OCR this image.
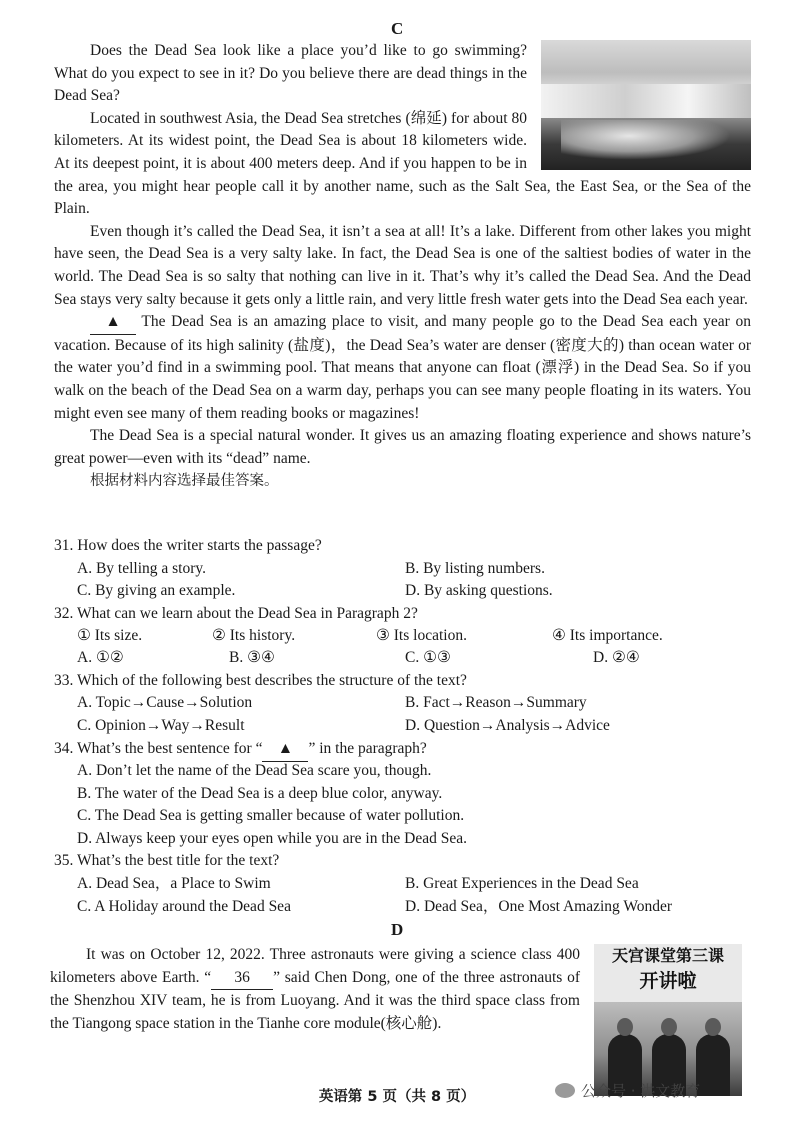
C
Does the Dead Sea look like a place you’d like to go swimming? What do you expect to see in it? Do you believe there are dead things in the Dead Sea?
Located in southwest Asia, the Dead Sea stretches (绵延) for about 80 kilometers. At its widest point, the Dead Sea is about 18 kilometers wide. At its deepest point, it is about 400 meters deep. And if you happen to be in the area, you might hear people call it by another name, such as the Salt Sea, the East Sea, or the Sea of the Plain.
Even though it’s called the Dead Sea, it isn’t a sea at all! It’s a lake. Different from other lakes you might have seen, the Dead Sea is a very salty lake. In fact, the Dead Sea is one of the saltiest bodies of water in the world. The Dead Sea is so salty that nothing can live in it. That’s why it’s called the Dead Sea. And the Dead Sea stays very salty because it gets only a little rain, and very little fresh water gets into the Dead Sea each year.
▲ The Dead Sea is an amazing place to visit, and many people go to the Dead Sea each year on vacation. Because of its high salinity (盐度)，the Dead Sea’s water are denser (密度大的) than ocean water or the water you’d find in a swimming pool. That means that anyone can float (漂浮) in the Dead Sea. So if you walk on the beach of the Dead Sea on a warm day, perhaps you can see many people floating in its waters. You might even see many of them reading books or magazines!
The Dead Sea is a special natural wonder. It gives us an amazing floating experience and shows nature’s great power—even with its “dead” name.
根据材料内容选择最佳答案。
31. How does the writer starts the passage?
A. By telling a story.	B. By listing numbers.
C. By giving an example.	D. By asking questions.
32. What can we learn about the Dead Sea in Paragraph 2?
① Its size.	② Its history.	③ Its location.	④ Its importance.
A. ①②	B. ③④	C. ①③	D. ②④
33. Which of the following best describes the structure of the text?
A. Topic→Cause→Solution	B. Fact→Reason→Summary
C. Opinion→Way→Result	D. Question→Analysis→Advice
34. What’s the best sentence for “ ▲ ” in the paragraph?
A. Don’t let the name of the Dead Sea scare you, though.
B. The water of the Dead Sea is a deep blue color, anyway.
C. The Dead Sea is getting smaller because of water pollution.
D. Always keep your eyes open while you are in the Dead Sea.
35. What’s the best title for the text?
A. Dead Sea，a Place to Swim	B. Great Experiences in the Dead Sea
C. A Holiday around the Dead Sea	D. Dead Sea，One Most Amazing Wonder
D
天宫课堂第三课
开讲啦
It was on October 12, 2022. Three astronauts were giving a science class 400 kilometers above Earth. “ 36 ” said Chen Dong, one of the three astronauts of the Shenzhou XIV team, he is from Luoyang. And it was the third space class from the Tiangong space station in the Tianhe core module(核心舱).
英语第 5 页（共 8 页）	公众号 · 洪文教育
